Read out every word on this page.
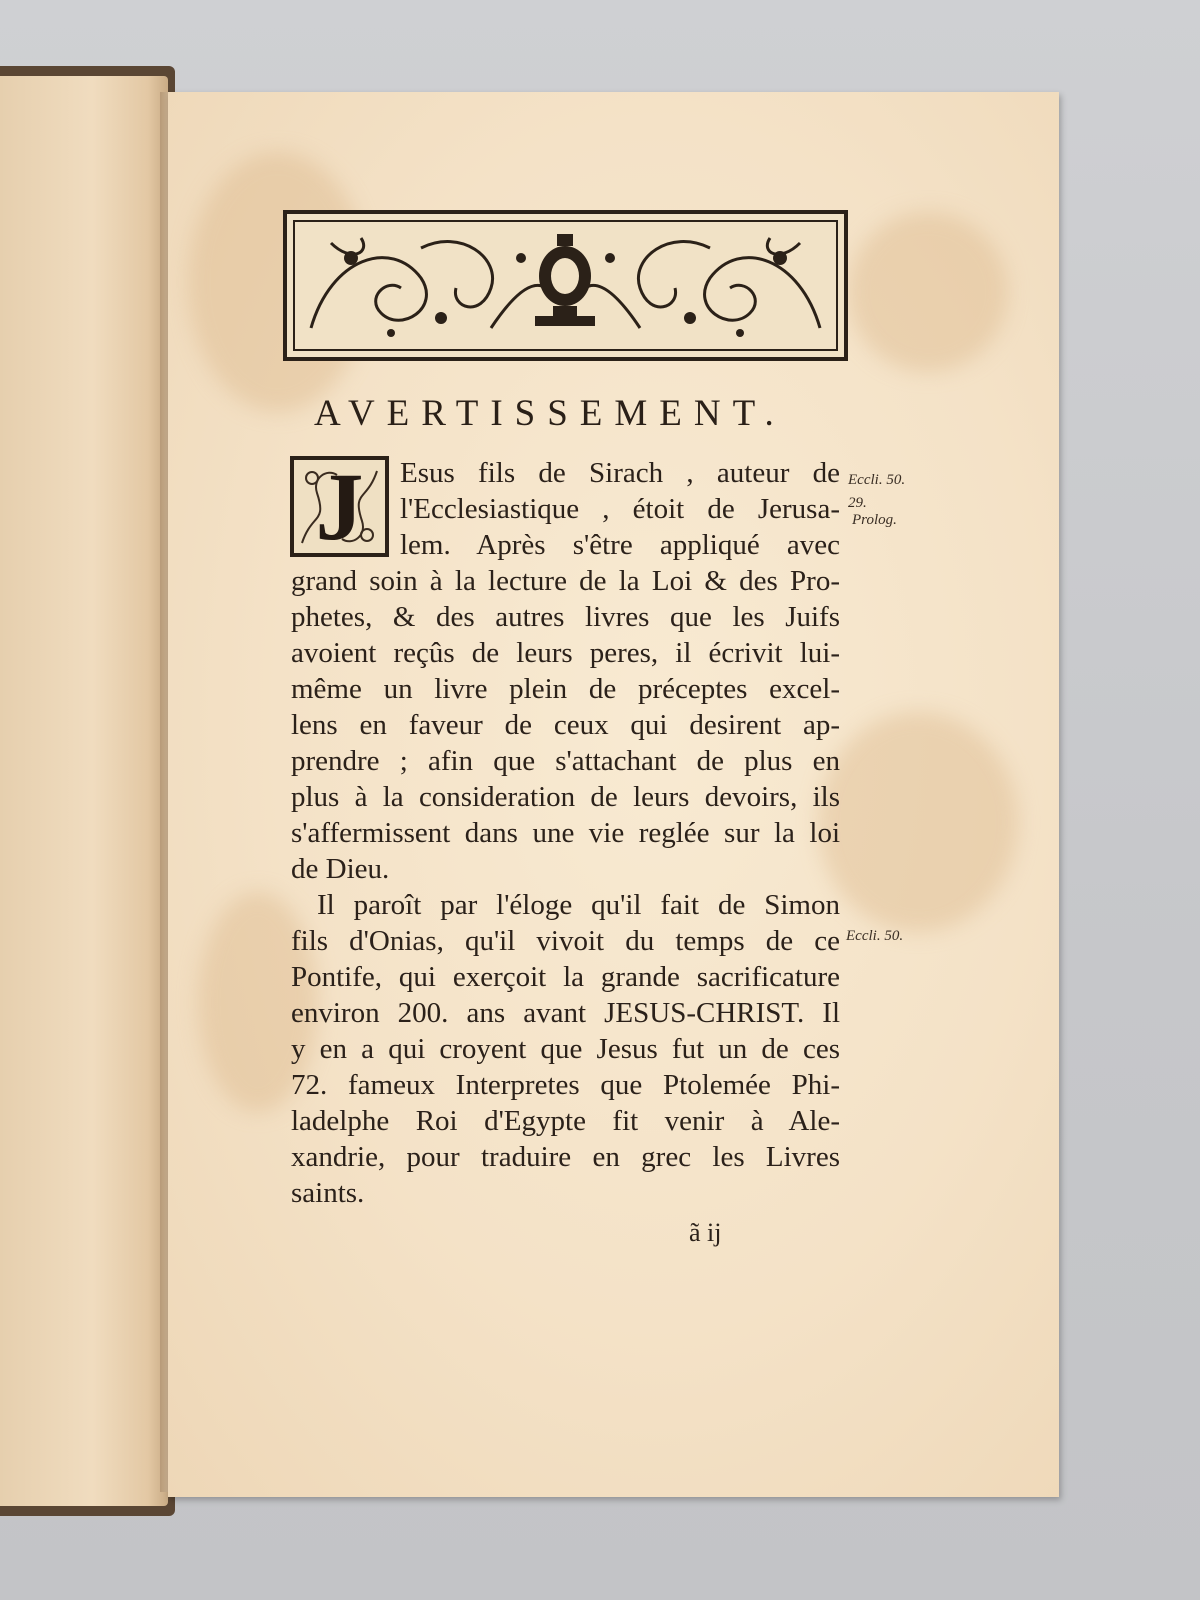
AVERTISSEMENT.
J	Esus fils de Sirach , auteur de

l'Ecclesiastique , étoit de Jerusa-

lem. Après s'être appliqué avec

grand soin à la lecture de la Loi & des Pro-

phetes, & des autres livres que les Juifs

avoient reçûs de leurs peres, il écrivit lui-

même un livre plein de préceptes excel-

lens en faveur de ceux qui desirent ap-

prendre ; afin que s'attachant de plus en

plus à la consideration de leurs devoirs, ils

s'affermissent dans une vie reglée sur la loi

de Dieu.

Il paroît par l'éloge qu'il fait de Simon

fils d'Onias, qu'il vivoit du temps de ce

Pontife, qui exerçoit la grande sacrificature

environ 200. ans avant JESUS-CHRIST. Il

y en a qui croyent que Jesus fut un de ces

72. fameux Interpretes que Ptolemée Phi-

ladelphe Roi d'Egypte fit venir à Ale-

xandrie, pour traduire en grec les Livres

saints.

Eccli. 50.

29.

Prolog.

Eccli. 50.

ã ij
